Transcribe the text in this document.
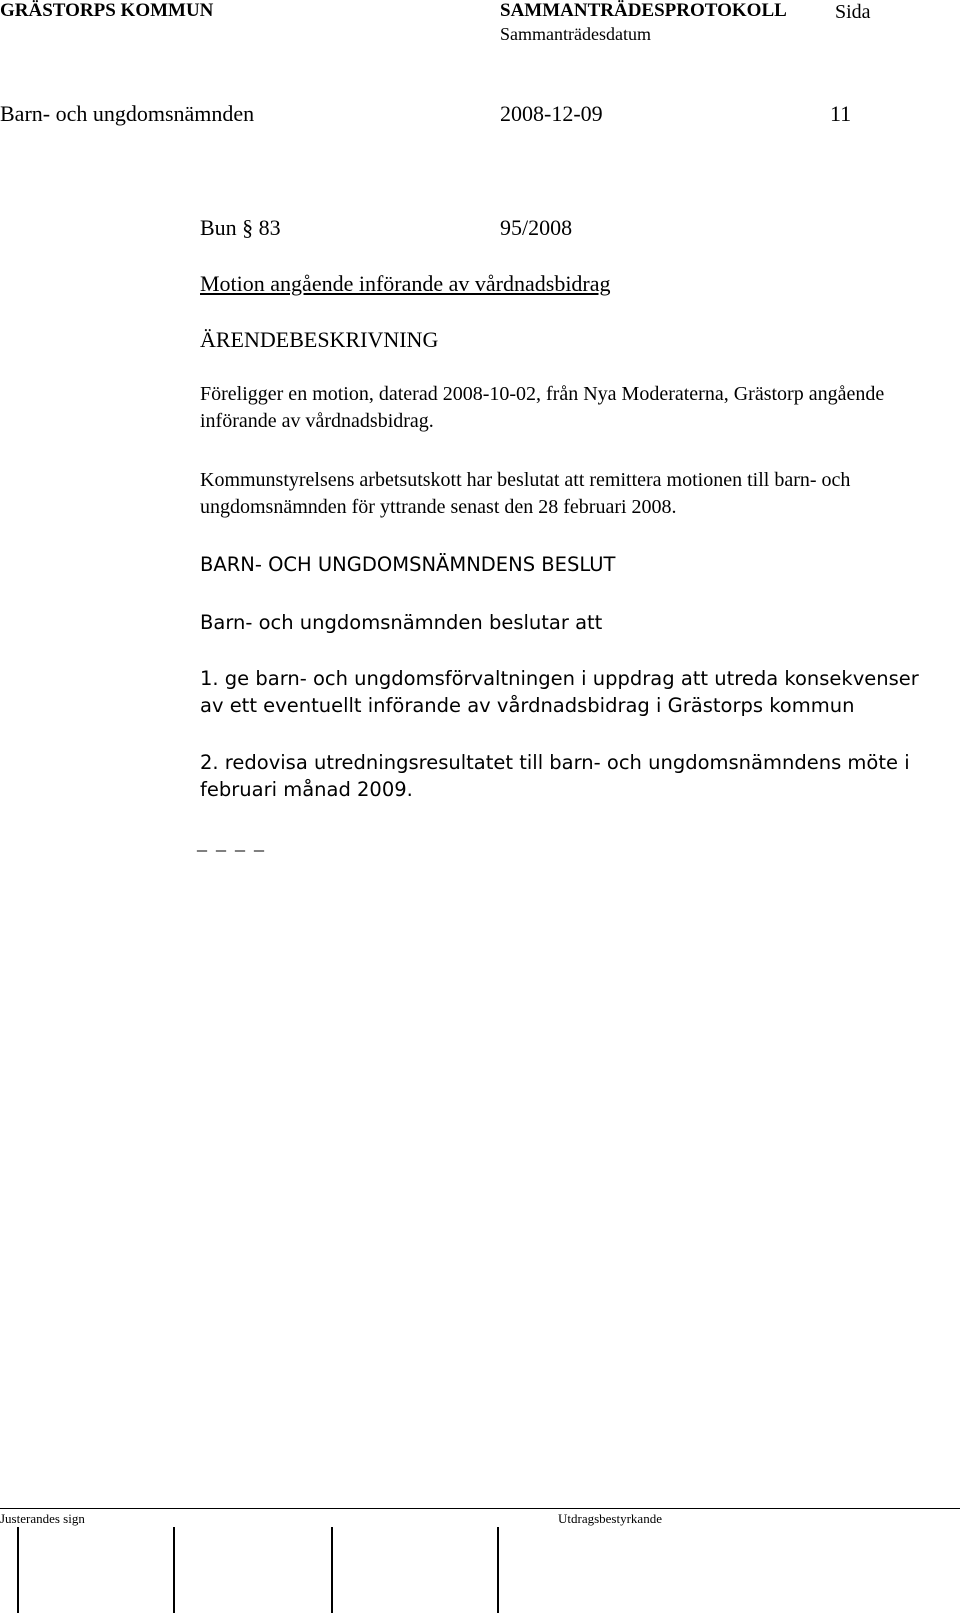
GRÄSTORPS KOMMUN	SAMMANTRÄDESPROTOKOLL Sida
Sammanträdesdatum
Barn- och ungdomsnämnden	2008-12-09	11
Bun § 83	95/2008
Motion angående införande av vårdnadsbidrag
ÄRENDEBESKRIVNING

Föreligger en motion, daterad 2008-10-02, från Nya Moderaterna, Grästorp angående införande av vårdnadsbidrag.

Kommunstyrelsens arbetsutskott har beslutat att remittera motionen till barn- och ungdomsnämnden för yttrande senast den 28 februari 2008.

BARN- OCH UNGDOMSNÄMNDENS BESLUT
Barn- och ungdomsnämnden beslutar att

1. ge barn- och ungdomsförvaltningen i uppdrag att utreda konsekvenser av ett eventuellt införande av vårdnadsbidrag i Grästorps kommun

2. redovisa utredningsresultatet till barn- och ungdomsnämndens möte i februari månad 2009.

_ _ _ _
Justerandes sign	Utdragsbestyrkande
